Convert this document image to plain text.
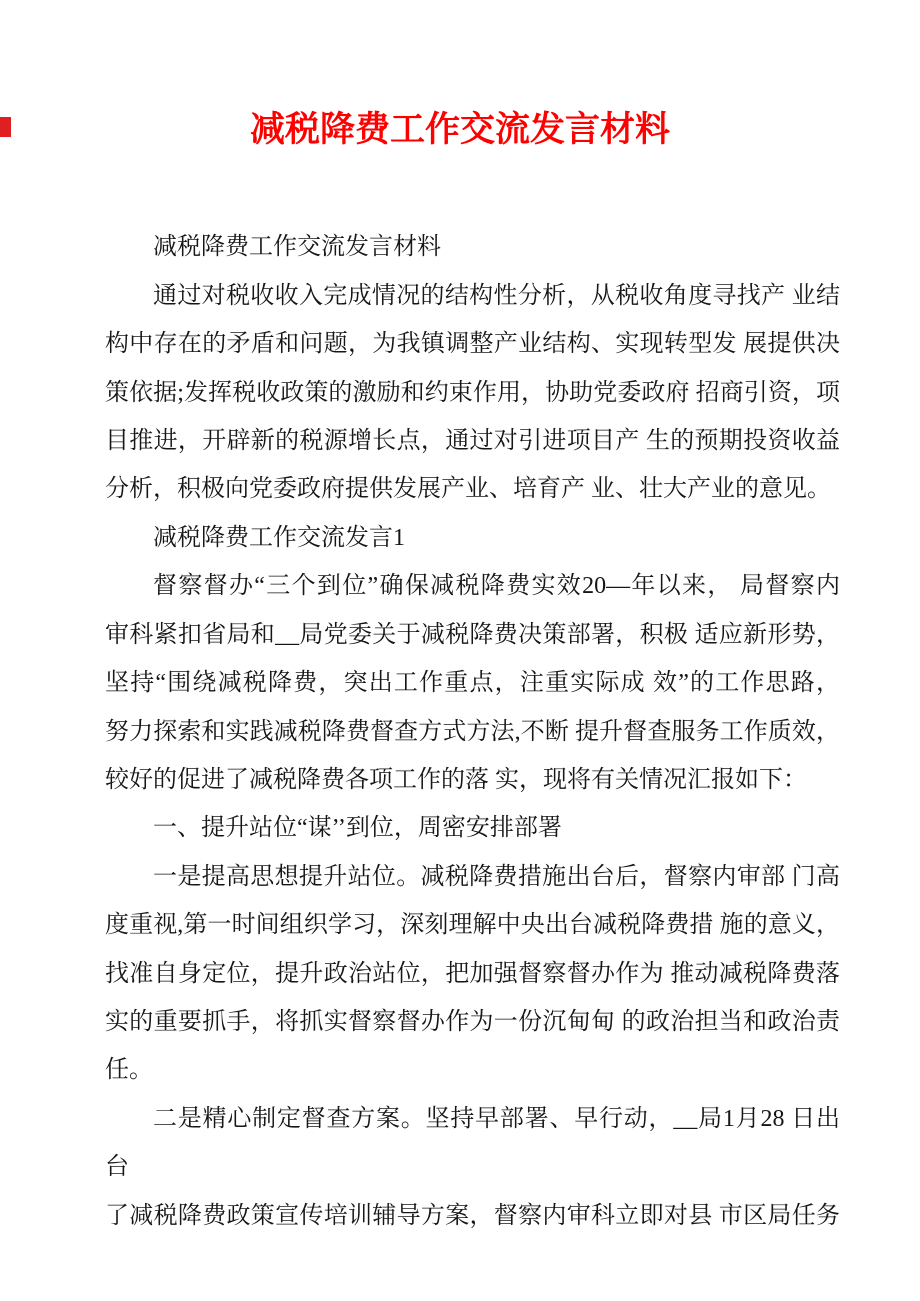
减税降费工作交流发言材料
减税降费工作交流发言材料
通过对税收收入完成情况的结构性分析，从税收角度寻找产 业结
构中存在的矛盾和问题，为我镇调整产业结构、实现转型发 展提供决
策依据;发挥税收政策的激励和约束作用，协助党委政府 招商引资，项
目推进，开辟新的税源增长点，通过对引进项目产 生的预期投资收益
分析，积极向党委政府提供发展产业、培育产 业、壮大产业的意见。
减税降费工作交流发言1
督察督办“三个到位”确保减税降费实效20—年以来， 局督察内
审科紧扣省局和__局党委关于减税降费决策部署，积极 适应新形势，
坚持“围绕减税降费，突出工作重点，注重实际成 效”的工作思路，
努力探索和实践减税降费督查方式方法,不断 提升督查服务工作质效，
较好的促进了减税降费各项工作的落 实，现将有关情况汇报如下：
一、提升站位“谋’’到位，周密安排部署
一是提高思想提升站位。减税降费措施出台后，督察内审部 门高
度重视,第一时间组织学习，深刻理解中央出台减税降费措 施的意义，
找准自身定位，提升政治站位，把加强督察督办作为 推动减税降费落
实的重要抓手，将抓实督察督办作为一份沉甸甸 的政治担当和政治责
任。
二是精心制定督查方案。坚持早部署、早行动，__局1月28 日出台
了减税降费政策宣传培训辅导方案，督察内审科立即对县 市区局任务
